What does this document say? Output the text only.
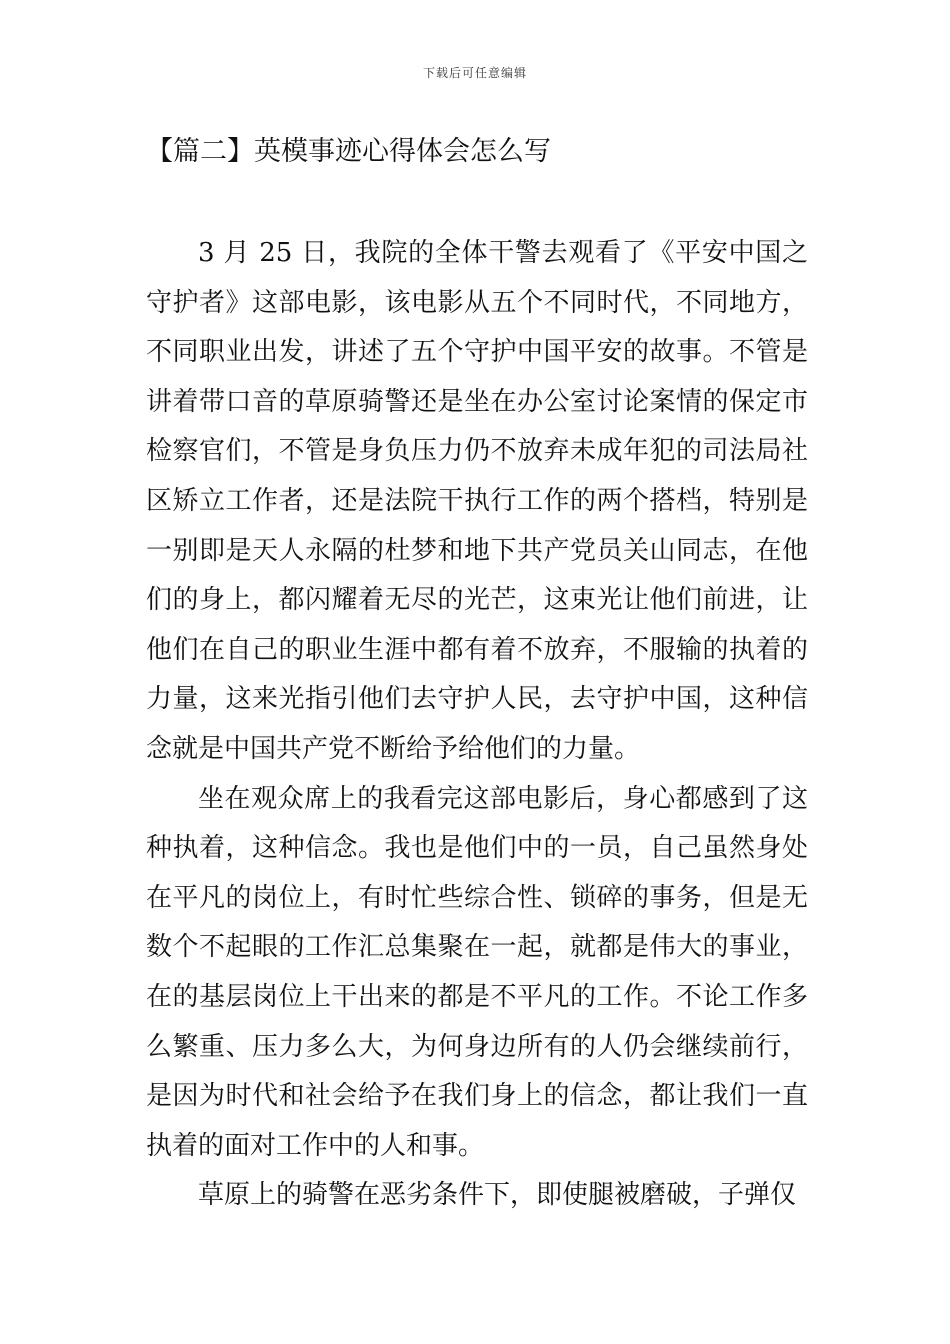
下载后可任意编辑
【篇二】英模事迹心得体会怎么写

3 月 25 日，我院的全体干警去观看了《平安中国之守护者》这部电影，该电影从五个不同时代，不同地方，不同职业出发，讲述了五个守护中国平安的故事。不管是讲着带口音的草原骑警还是坐在办公室讨论案情的保定市检察官们，不管是身负压力仍不放弃未成年犯的司法局社区矫立工作者，还是法院干执行工作的两个搭档，特别是一别即是天人永隔的杜梦和地下共产党员关山同志，在他们的身上，都闪耀着无尽的光芒，这束光让他们前进，让他们在自己的职业生涯中都有着不放弃，不服输的执着的力量，这来光指引他们去守护人民，去守护中国，这种信念就是中国共产党不断给予给他们的力量。

坐在观众席上的我看完这部电影后，身心都感到了这种执着，这种信念。我也是他们中的一员，自己虽然身处在平凡的岗位上，有时忙些综合性、锁碎的事务，但是无数个不起眼的工作汇总集聚在一起，就都是伟大的事业，在的基层岗位上干出来的都是不平凡的工作。不论工作多么繁重、压力多么大，为何身边所有的人仍会继续前行，是因为时代和社会给予在我们身上的信念，都让我们一直执着的面对工作中的人和事。

草原上的骑警在恶劣条件下，即使腿被磨破，子弹仅
